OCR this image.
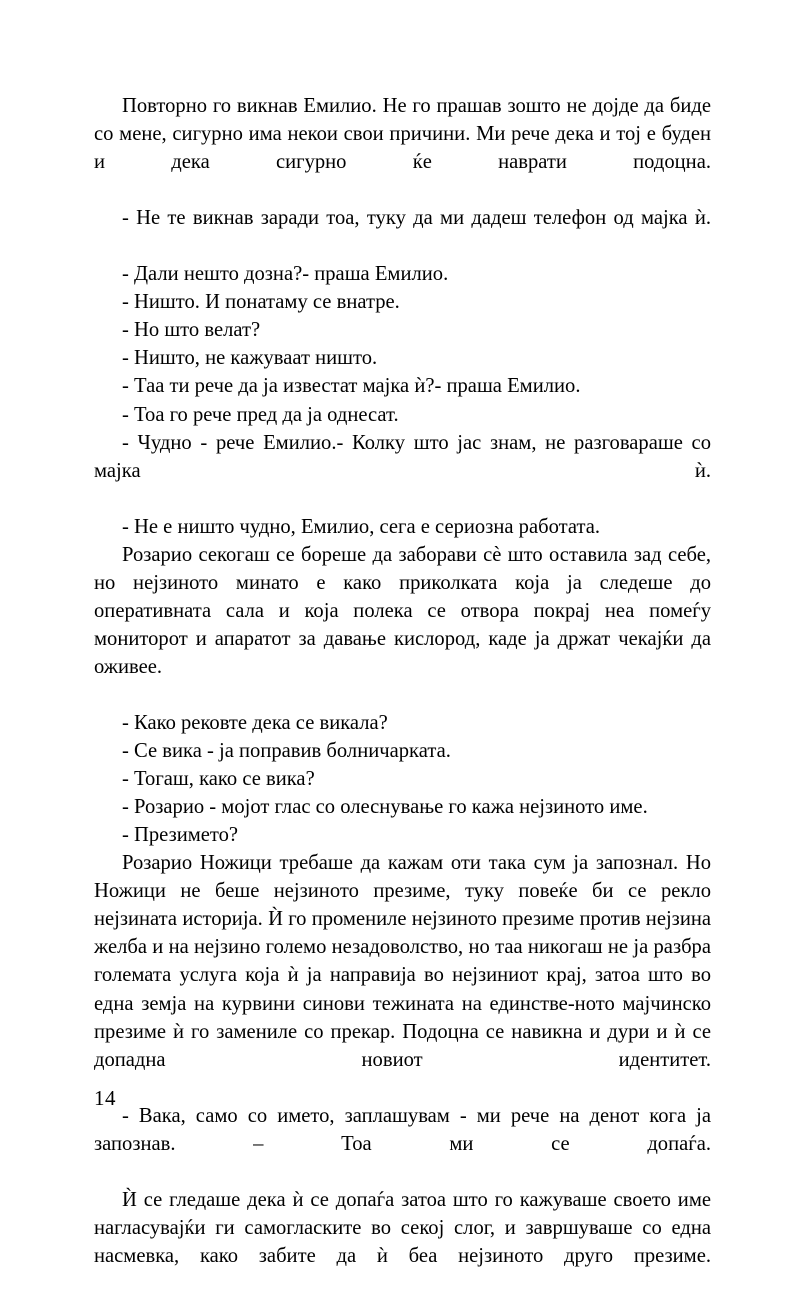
Повторно го викнав Емилио. Не го прашав зошто не дојде да биде со мене, сигурно има некои свои причини. Ми рече дека и тој е буден и дека сигурно ќе наврати подоцна.

- Не те викнав заради тоа, туку да ми дадеш телефон од мајка ѝ.

- Дали нешто дозна?- праша Емилио.

- Ништо. И понатаму се внатре.

- Но што велат?

- Ништо, не кажуваат ништо.

- Таа ти рече да ја известат мајка ѝ?- праша Емилио.

- Тоа го рече пред да ја однесат.

- Чудно - рече Емилио.- Колку што јас знам, не разговараше со мајка ѝ.

- Не е ништо чудно, Емилио, сега е сериозна работата.

Розарио секогаш се бореше да заборави сѐ што оставила зад себе, но нејзиното минато е како приколката која ја следеше до оперативната сала и која полека се отвора покрај неа помеѓу мониторот и апаратот за давање кислород, каде ја држат чекајќи да оживее.

- Како рековте дека се викала?

- Се вика - ја поправив болничарката.

- Тогаш, како се вика?

- Розарио - мојот глас со олеснување го кажа нејзиното име.

- Презимето?

Розарио Ножици требаше да кажам оти така сум ја запознал. Но Ножици не беше нејзиното презиме, туку повеќе би се рекло нејзината историја. Ѝ го промениле нејзиното презиме против нејзина желба и на нејзино големо незадоволство, но таа никогаш не ја разбра големата услуга која ѝ ја направија во нејзиниот крај, затоа што во една земја на курвини синови тежината на единстве-ното мајчинско презиме ѝ го замениле со прекар. Подоцна се навикна и дури и ѝ се допадна новиот идентитет.

- Вака, само со името, заплашувам - ми рече на денот кога ја запознав. – Тоа ми се допаѓа.

Ѝ се гледаше дека ѝ се допаѓа затоа што го кажуваше своето име нагласувајќи ги самогласките во секој слог, и завршуваше со една насмевка, како забите да ѝ беа нејзиното друго презиме.

14
